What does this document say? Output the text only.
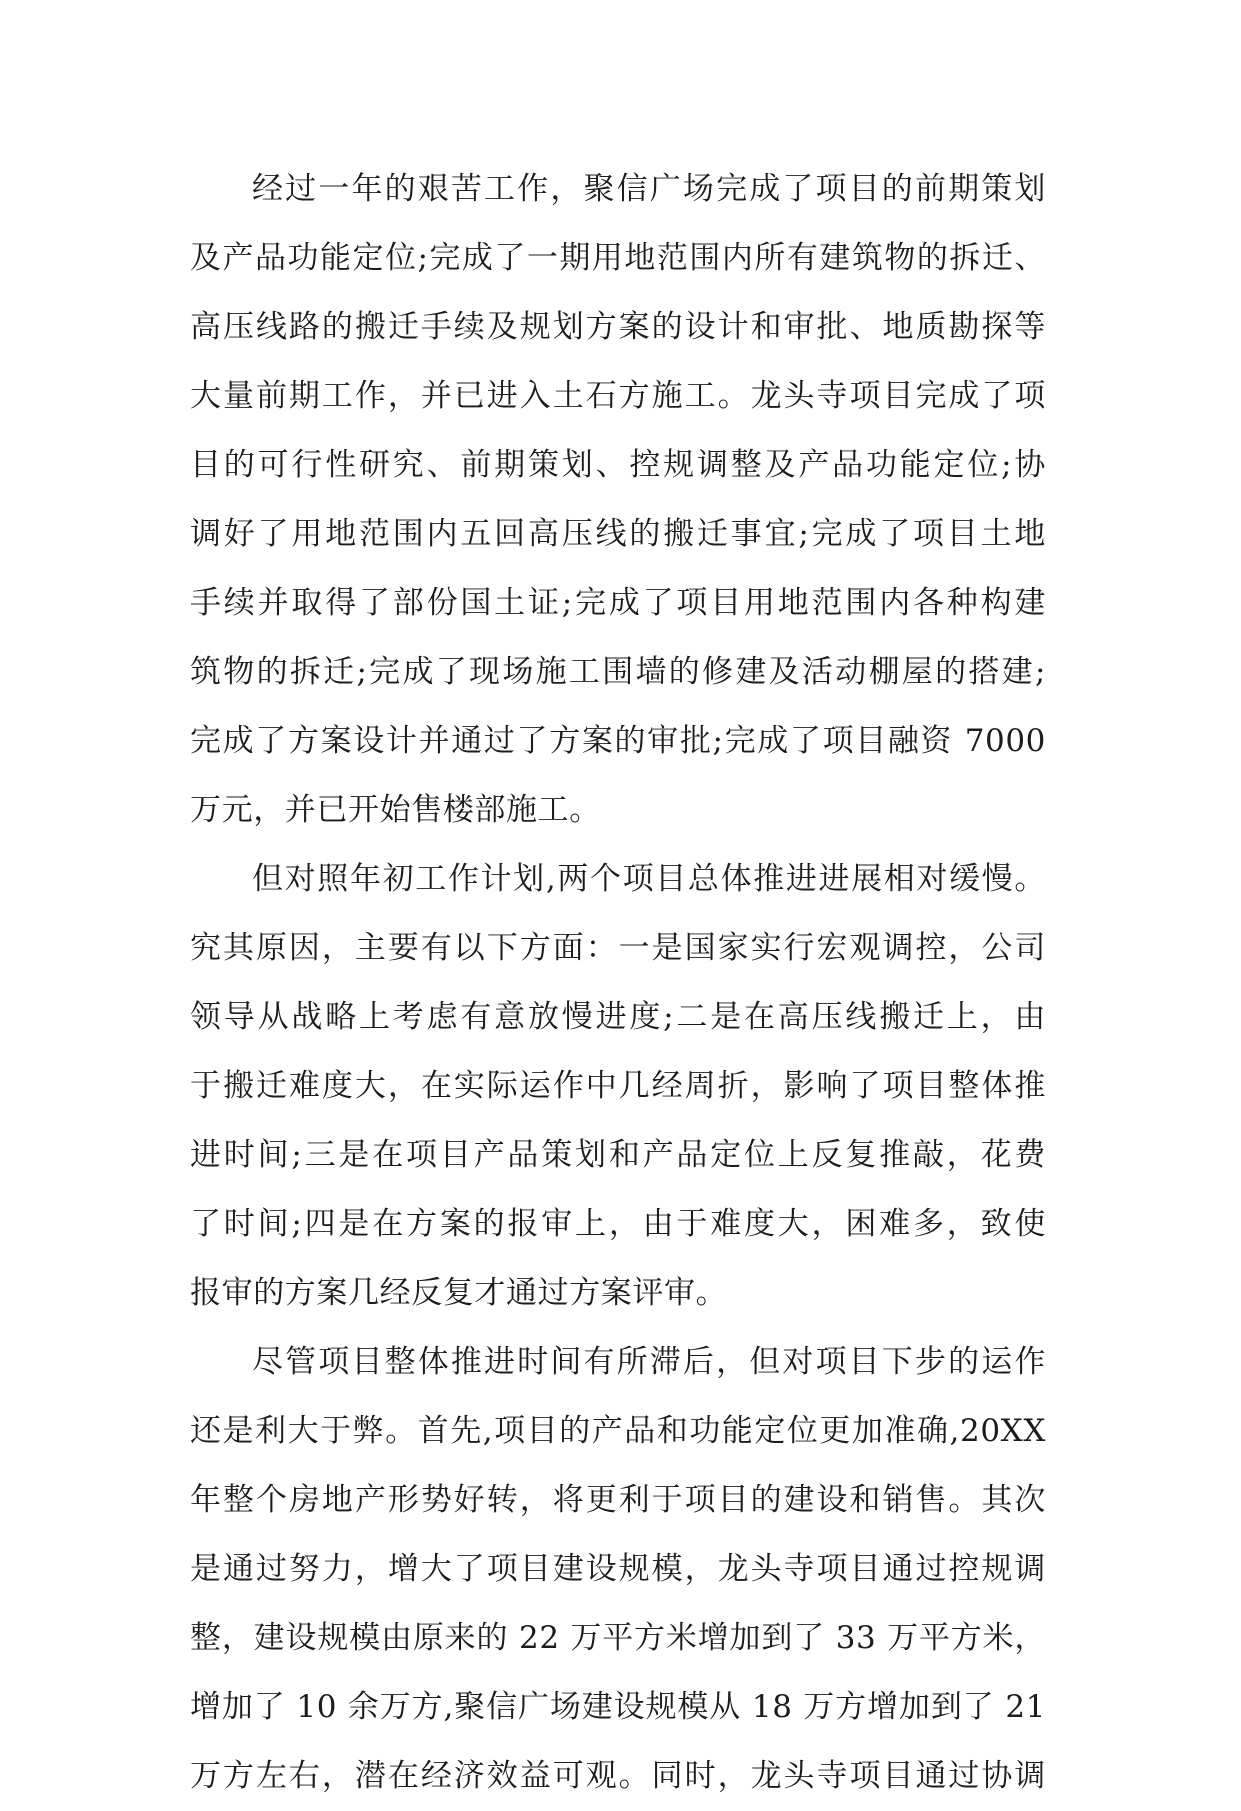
经过一年的艰苦工作，聚信广场完成了项目的前期策划
及产品功能定位;完成了一期用地范围内所有建筑物的拆迁、
高压线路的搬迁手续及规划方案的设计和审批、地质勘探等
大量前期工作，并已进入土石方施工。龙头寺项目完成了项
目的可行性研究、前期策划、控规调整及产品功能定位;协
调好了用地范围内五回高压线的搬迁事宜;完成了项目土地
手续并取得了部份国土证;完成了项目用地范围内各种构建
筑物的拆迁;完成了现场施工围墙的修建及活动棚屋的搭建;
完成了方案设计并通过了方案的审批;完成了项目融资 7000
万元，并已开始售楼部施工。
但对照年初工作计划,两个项目总体推进进展相对缓慢。
究其原因，主要有以下方面：一是国家实行宏观调控，公司
领导从战略上考虑有意放慢进度;二是在高压线搬迁上，由
于搬迁难度大，在实际运作中几经周折，影响了项目整体推
进时间;三是在项目产品策划和产品定位上反复推敲，花费
了时间;四是在方案的报审上，由于难度大，困难多，致使
报审的方案几经反复才通过方案评审。
尽管项目整体推进时间有所滞后，但对项目下步的运作
还是利大于弊。首先,项目的产品和功能定位更加准确,20XX
年整个房地产形势好转，将更利于项目的建设和销售。其次
是通过努力，增大了项目建设规模，龙头寺项目通过控规调
整，建设规模由原来的 22 万平方米增加到了 33 万平方米，
增加了 10 余万方,聚信广场建设规模从 18 万方增加到了 21
万方左右，潜在经济效益可观。同时，龙头寺项目通过协调
